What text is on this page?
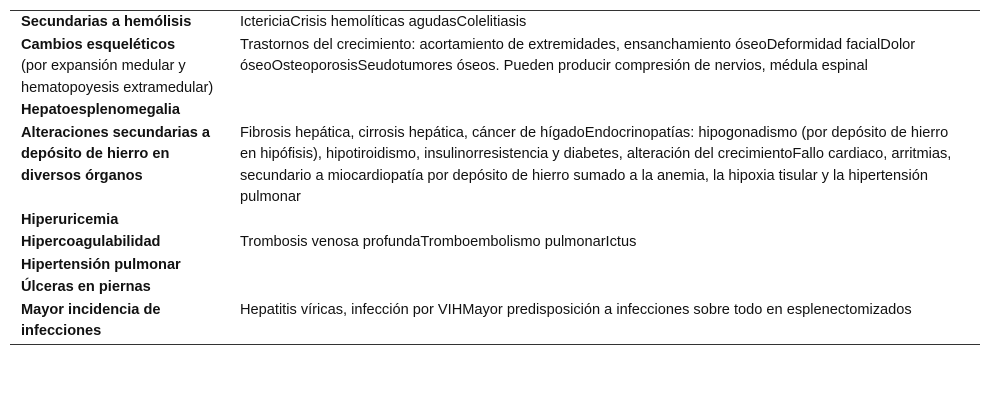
Secundarias a hemólisis	IctericiaCrisis hemolíticas agudasColelitiasis
Cambios esqueléticos
(por expansión medular y hematopoyesis extramedular)
Trastornos del crecimiento: acortamiento de extremidades, ensanchamiento óseoDeformidad facialDolor óseoOsteoporosisSeudotumores óseos. Pueden producir compresión de nervios, médula espinal
Hepatoesplenomegalia
Alteraciones secundarias a depósito de hierro en diversos órganos
Fibrosis hepática, cirrosis hepática, cáncer de hígadoEndocrinopatías: hipogonadismo (por depósito de hierro en hipófisis), hipotiroidismo, insulinorresistencia y diabetes, alteración del crecimientoFallo cardiaco, arritmias, secundario a miocardiopatía por depósito de hierro sumado a la anemia, la hipoxia tisular y la hipertensión pulmonar
Hiperuricemia
Hipercoagulabilidad	Trombosis venosa profundaTromboembolismo pulmonarIctus
Hipertensión pulmonar
Úlceras en piernas
Mayor incidencia de infecciones
Hepatitis víricas, infección por VIHMayor predisposición a infecciones sobre todo en esplenectomizados
